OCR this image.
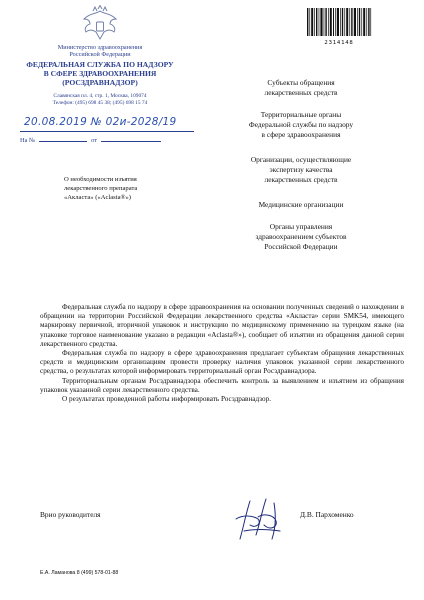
Министерство здравоохранения
Российской Федерации
ФЕДЕРАЛЬНАЯ СЛУЖБА ПО НАДЗОРУ
В СФЕРЕ ЗДРАВООХРАНЕНИЯ
(РОСЗДРАВНАДЗОР)
Славянская пл. 4, стр. 1, Москва, 109074
Телефон: (495) 698 45 38; (495) 698 15 74
20.08.2019 № 02и-2028/19
На №	от
О необходимости изъятия
лекарственного препарата
«Акласта» («Aclasta®»)
2314148
Субъекты обращения
лекарственных средств
Территориальные органы
Федеральной службы по надзору
в сфере здравоохранения
Организации, осуществляющие
экспертизу качества
лекарственных средств
Медицинские организации
Органы управления
здравоохранением субъектов
Российской Федерации

Федеральная служба по надзору в сфере здравоохранения на основании полученных сведений о нахождении в обращении на территории Российской Федерации лекарственного средства «Акласта» серии SMK54, имеющего маркировку первичной, вторичной упаковок и инструкцию по медицинскому применению на турецком языке (на упаковке торговое наименование указано в редакции «Aclasta®»), сообщает об изъятии из обращения данной серии лекарственного средства.

Федеральная служба по надзору в сфере здравоохранения предлагает субъектам обращения лекарственных средств и медицинским организациям провести проверку наличия упаковок указанной серии лекарственного средства, о результатах которой информировать территориальный орган Росздравнадзора.

Территориальным органам Росздравнадзора обеспечить контроль за выявлением и изъятием из обращения упаковок указанной серии лекарственного средства.

О результатах проведенной работы информировать Росздравнадзор.

Врио руководителя	Д.В. Пархоменко
Е.А. Ламанова 8 (499) 578-01-88
